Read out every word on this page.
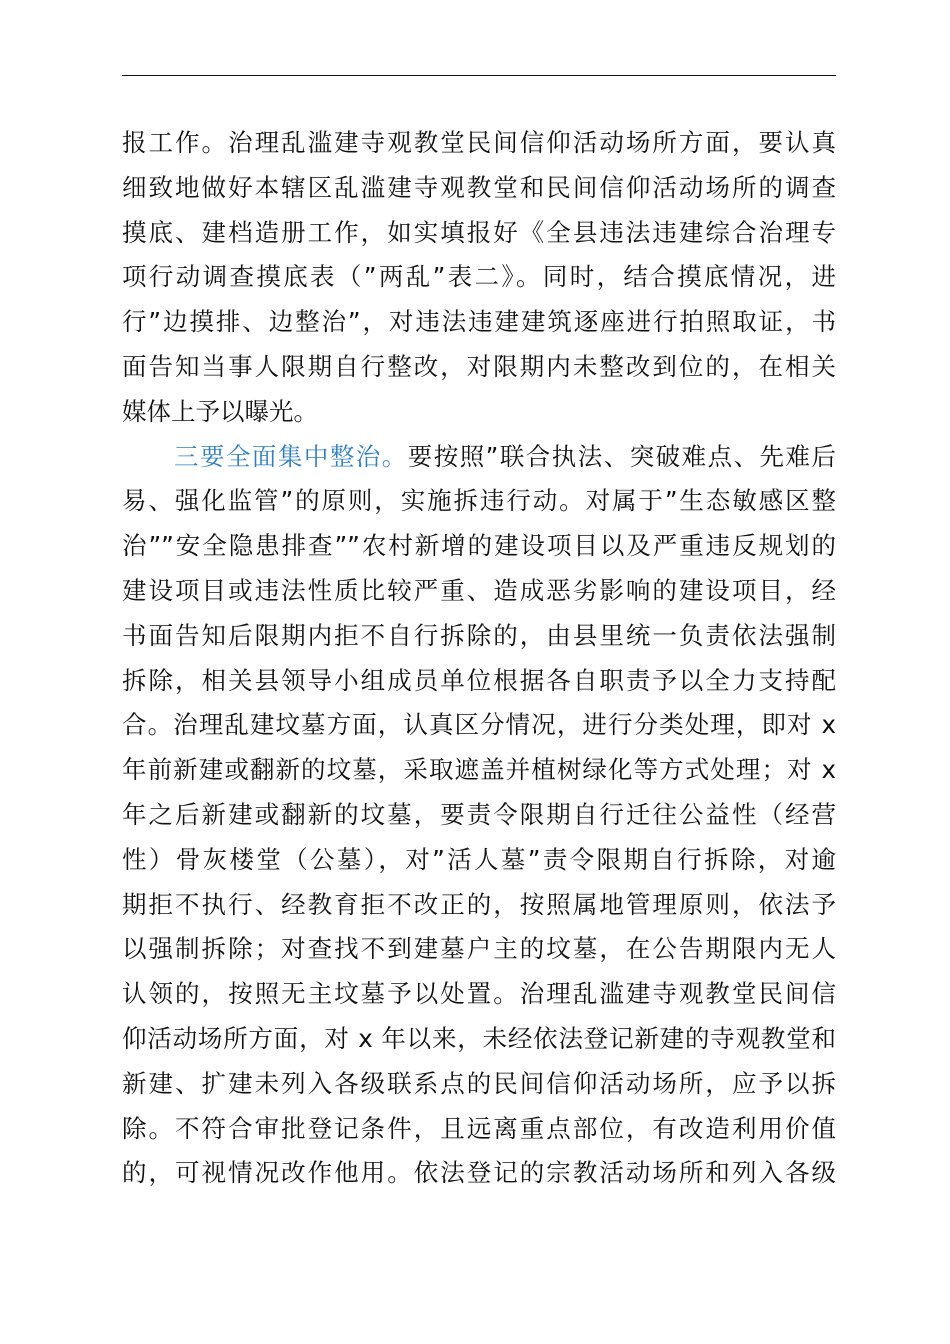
报工作。治理乱滥建寺观教堂民间信仰活动场所方面，要认真
细致地做好本辖区乱滥建寺观教堂和民间信仰活动场所的调查
摸底、建档造册工作，如实填报好《全县违法违建综合治理专
项行动调查摸底表（”两乱”表二》。同时，结合摸底情况，进
行”边摸排、边整治”，对违法违建建筑逐座进行拍照取证，书
面告知当事人限期自行整改，对限期内未整改到位的，在相关
媒体上予以曝光。
三要全面集中整治。要按照”联合执法、突破难点、先难后
易、强化监管”的原则，实施拆违行动。对属于”生态敏感区整
治””安全隐患排查””农村新增的建设项目以及严重违反规划的
建设项目或违法性质比较严重、造成恶劣影响的建设项目，经
书面告知后限期内拒不自行拆除的，由县里统一负责依法强制
拆除，相关县领导小组成员单位根据各自职责予以全力支持配
合。治理乱建坟墓方面，认真区分情况，进行分类处理，即对 x
年前新建或翻新的坟墓，采取遮盖并植树绿化等方式处理；对 x
年之后新建或翻新的坟墓，要责令限期自行迁往公益性（经营
性）骨灰楼堂（公墓），对”活人墓”责令限期自行拆除，对逾
期拒不执行、经教育拒不改正的，按照属地管理原则，依法予
以强制拆除；对查找不到建墓户主的坟墓，在公告期限内无人
认领的，按照无主坟墓予以处置。治理乱滥建寺观教堂民间信
仰活动场所方面，对 x 年以来，未经依法登记新建的寺观教堂和
新建、扩建未列入各级联系点的民间信仰活动场所，应予以拆
除。不符合审批登记条件，且远离重点部位，有改造利用价值
的，可视情况改作他用。依法登记的宗教活动场所和列入各级
